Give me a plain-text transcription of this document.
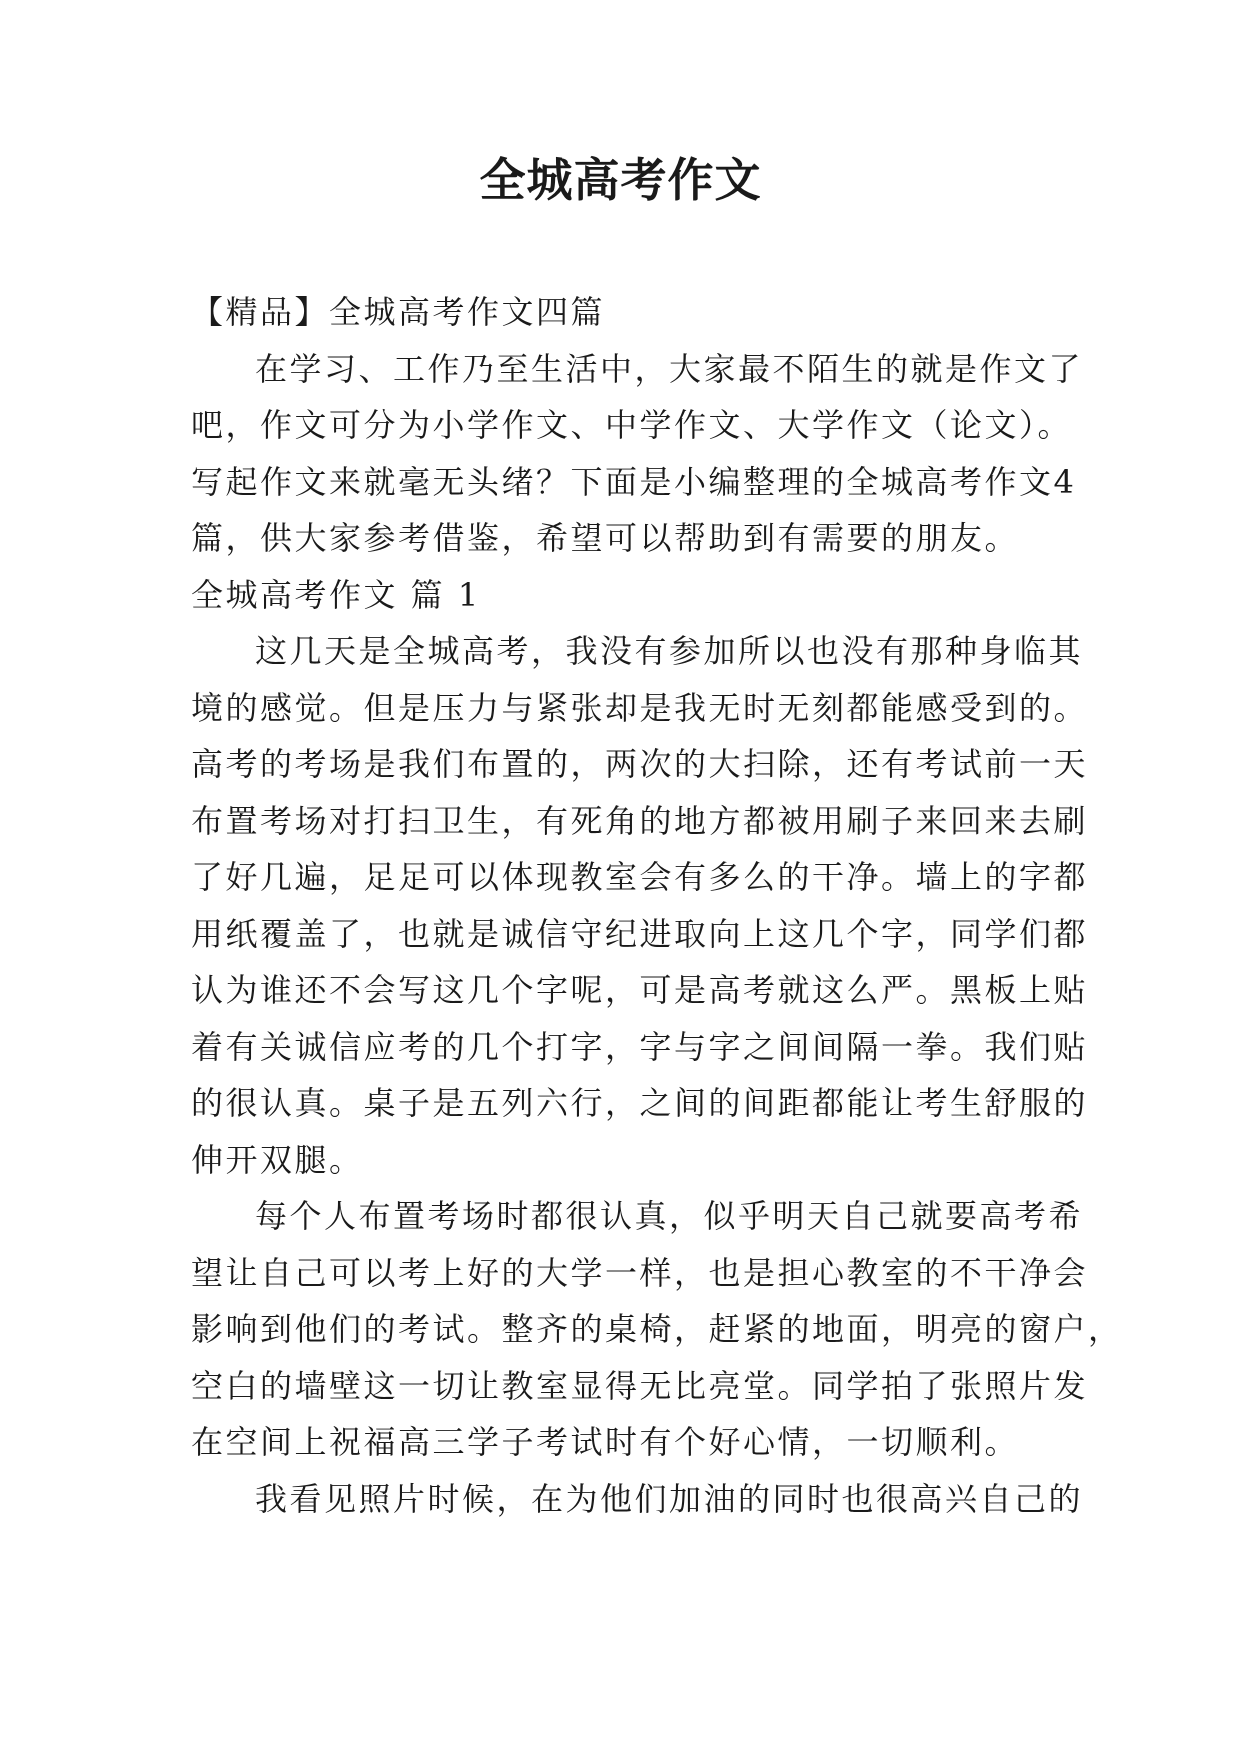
全城高考作文
【精品】全城高考作文四篇
在学习、工作乃至生活中，大家最不陌生的就是作文了
吧，作文可分为小学作文、中学作文、大学作文（论文）。
写起作文来就毫无头绪？下面是小编整理的全城高考作文4
篇，供大家参考借鉴，希望可以帮助到有需要的朋友。
全城高考作文 篇 1
这几天是全城高考，我没有参加所以也没有那种身临其
境的感觉。但是压力与紧张却是我无时无刻都能感受到的。
高考的考场是我们布置的，两次的大扫除，还有考试前一天
布置考场对打扫卫生，有死角的地方都被用刷子来回来去刷
了好几遍，足足可以体现教室会有多么的干净。墙上的字都
用纸覆盖了，也就是诚信守纪进取向上这几个字，同学们都
认为谁还不会写这几个字呢，可是高考就这么严。黑板上贴
着有关诚信应考的几个打字，字与字之间间隔一拳。我们贴
的很认真。桌子是五列六行，之间的间距都能让考生舒服的
伸开双腿。
每个人布置考场时都很认真，似乎明天自己就要高考希
望让自己可以考上好的大学一样，也是担心教室的不干净会
影响到他们的考试。整齐的桌椅，赶紧的地面，明亮的窗户，
空白的墙壁这一切让教室显得无比亮堂。同学拍了张照片发
在空间上祝福高三学子考试时有个好心情，一切顺利。
我看见照片时候，在为他们加油的同时也很高兴自己的
